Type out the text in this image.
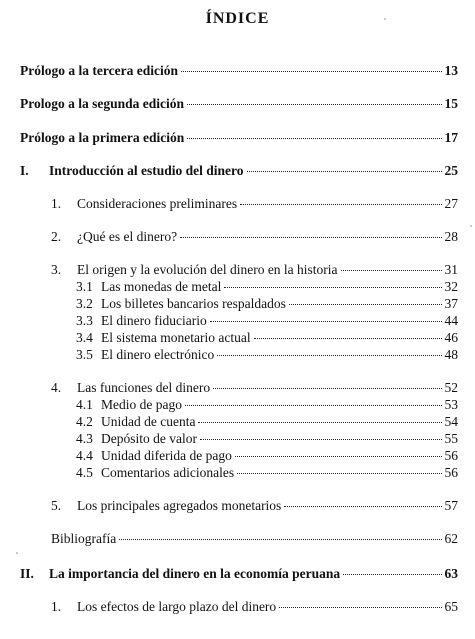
ÍNDICE
Prólogo a la tercera edición	13
Prologo a la segunda edición	15
Prólogo a la primera edición	17
I.	Introducción al estudio del dinero	25
1.	Consideraciones preliminares	27
2.	¿Qué es el dinero?	28
3.	El origen y la evolución del dinero en la historia	31
3.1 Las monedas de metal	32
3.2 Los billetes bancarios respaldados	37
3.3 El dinero fiduciario	44
3.4 El sistema monetario actual	46
3.5 El dinero electrónico	48
4.	Las funciones del dinero	52
4.1 Medio de pago	53
4.2 Unidad de cuenta	54
4.3 Depósito de valor	55
4.4 Unidad diferida de pago	56
4.5 Comentarios adicionales	56
5.	Los principales agregados monetarios	57
Bibliografía	62
II.	La importancia del dinero en la economía peruana	63
1.	Los efectos de largo plazo del dinero	65
